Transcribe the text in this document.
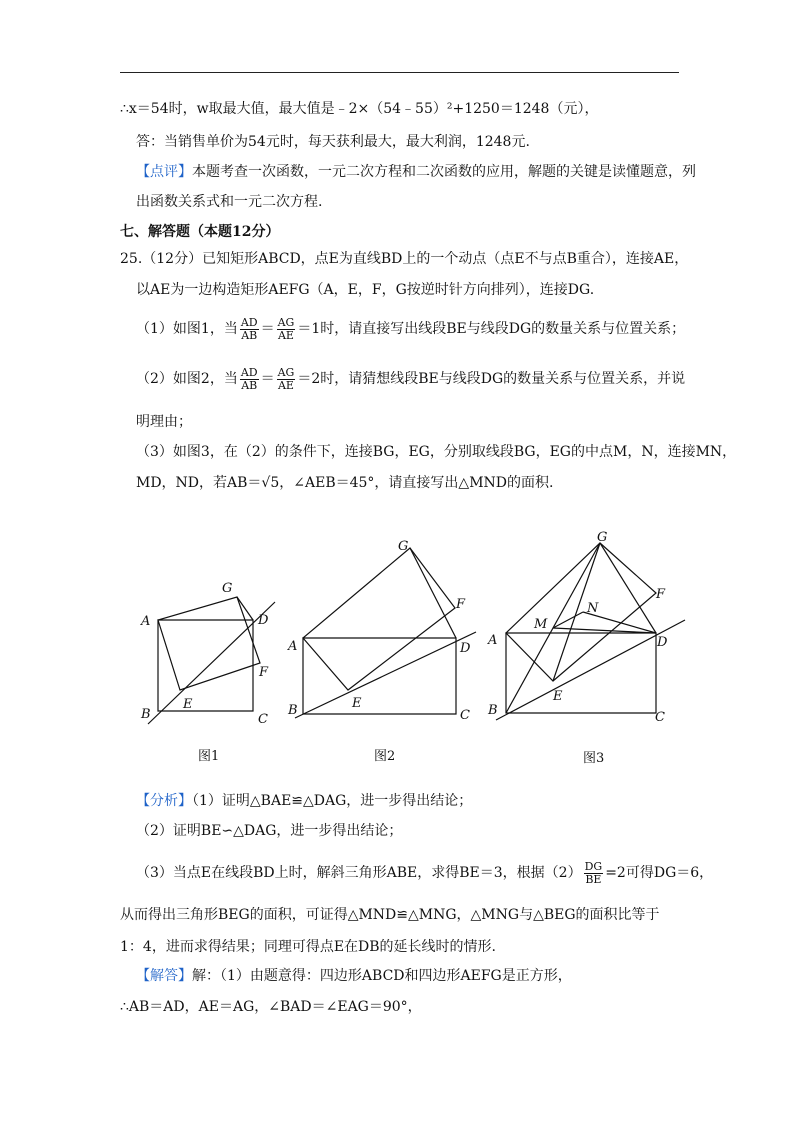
∴x＝54时，w取最大值，最大值是﹣2×（54﹣55）²+1250＝1248（元），
答：当销售单价为54元时，每天获利最大，最大利润，1248元.
【点评】本题考查一次函数，一元二次方程和二次函数的应用，解题的关键是读懂题意，列
出函数关系式和一元二次方程.
七、解答题（本题12分）
25.（12分）已知矩形ABCD，点E为直线BD上的一个动点（点E不与点B重合），连接AE，
以AE为一边构造矩形AEFG（A，E，F，G按逆时针方向排列），连接DG.
（1）如图1，当 $\frac{AD}{AB} = \frac{AG}{AE} =1$时，请直接写出线段BE与线段DG的数量关系与位置关系；
（2）如图2，当 $\frac{AD}{AB} = \frac{AG}{AE} =2$时，请猜想线段BE与线段DG的数量关系与位置关系，并说
明理由；
（3）如图3，在（2）的条件下，连接BG，EG，分别取线段BG，EG的中点M，N，连接MN，
MD，ND，若AB＝√5，∠AEB＝45°，请直接写出△MND的面积.
A	D
G
F
E
B	C
A	D
G
F
E
B	C
A	D
G
F
M
N
E
B	C
图1	图2	图3
【分析】（1）证明△BAE≌△DAG，进一步得出结论；
（2）证明BE∽△DAG，进一步得出结论；
（3）当点E在线段BD上时，解斜三角形ABE，求得BE＝3，根据$(2) \frac{DG}{BE} =2$可得DG＝6，
从而得出三角形BEG的面积，可证得△MND≌△MNG，△MNG与△BEG的面积比等于
1：4，进而求得结果；同理可得点E在DB的延长线时的情形.
【解答】解：（1）由题意得：四边形ABCD和四边形AEFG是正方形，
∴AB＝AD，AE＝AG，∠BAD＝∠EAG＝90°，
